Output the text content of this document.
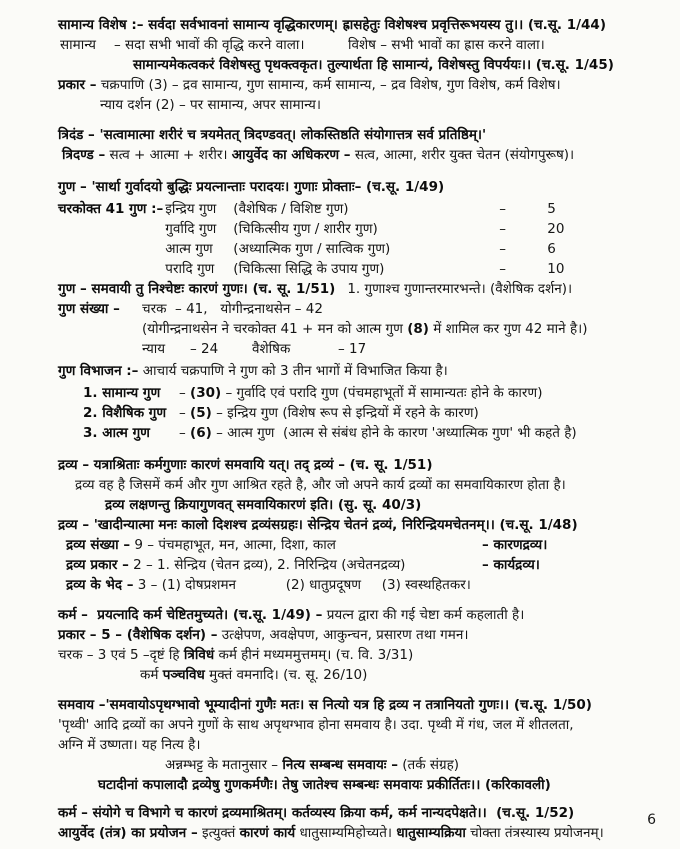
सामान्य विशेष :– सर्वदा सर्वभावनां सामान्य वृद्धिकारणम्। ह्रासहेतुः विशेषश्च प्रवृत्तिरूभयस्य तु।। (च.सू. 1/44)
सामान्य – सदा सभी भावों की वृद्धि करने वाला।	विशेष – सभी भावों का ह्रास करने वाला।
सामान्यमेकत्वकरं विशेषस्तु पृथक्त्वकृत। तुल्यार्थता हि सामान्यं, विशेषस्तु विपर्ययः।। (च.सू. 1/45)
प्रकार – चक्रपाणि (3) – द्रव सामान्य, गुण सामान्य, कर्म सामान्य, – द्रव विशेष, गुण विशेष, कर्म विशेष।
न्याय दर्शन (2) – पर सामान्य, अपर सामान्य।
त्रिदंड – 'सत्वामात्मा शरीरं च त्रयमेतत् त्रिदण्डवत्। लोकस्तिष्ठति संयोगात्तत्र सर्व प्रतिष्ठिम्।'
त्रिदण्ड – सत्व + आत्मा + शरीर। आयुर्वेद का अधिकरण – सत्व, आत्मा, शरीर युक्त चेतन (संयोगपुरूष)।
गुण – 'सार्था गुर्वादयो बुद्धिः प्रयत्नान्ताः परादयः। गुणाः प्रोक्ताः– (च.सू. 1/49)
चरकोक्त 41 गुण :– इन्द्रिय गुण	(वैशेषिक / विशिष्ट गुण)	–	5
गुर्वादि गुण	(चिकित्सीय गुण / शारीर गुण)	–	20
आत्म गुण	(अध्यात्मिक गुण / सात्विक गुण)	–	6
परादि गुण	(चिकित्सा सिद्धि के उपाय गुण)	–	10
गुण – समवायी तु निश्चेष्टः कारणं गुणः। (च. सू. 1/51) 1. गुणाश्च गुणान्तरमारभन्ते। (वैशेषिक दर्शन)।
गुण संख्या – चरक  – 41,   योगीन्द्रनाथसेन – 42
(योगीन्द्रनाथसेन ने चरकोक्त 41 + मन को आत्म गुण (8) में शामिल कर गुण 42 माने है।)
न्याय – 24	वैशेषिक	– 17
गुण विभाजन :– आचार्य चक्रपाणि ने गुण को 3 तीन भागों में विभाजित किया है।
1. सामान्य गुण – (30) – गुर्वादि एवं परादि गुण (पंचमहाभूतों में सामान्यतः होने के कारण)
2. विशैषिक गुण – (5) – इन्द्रिय गुण (विशेष रूप से इन्द्रियों में रहने के कारण)
3. आत्म गुण – (6) – आत्म गुण  (आत्म से संबंध होने के कारण 'अध्यात्मिक गुण' भी कहते है)
द्रव्य – यत्राश्रिताः कर्मगुणाः कारणं समवायि यत्। तद् द्रव्यं – (च. सू. 1/51)
द्रव्य वह है जिसमें कर्म और गुण आश्रित रहते है, और जो अपने कार्य द्रव्यों का समवायिकारण होता है।
द्रव्य लक्षणन्तु क्रियागुणवत् समवायिकारणं इति। (सु. सू. 40/3)
द्रव्य – 'खादीन्यात्मा मनः कालो दिशश्च द्रव्यंसग्रहः। सेन्द्रिय चेतनं द्रव्यं, निरिन्द्रियमचेतनम्।। (च.सू. 1/48)
द्रव्य संख्या – 9 – पंचमहाभूत, मन, आत्मा, दिशा, काल	– कारणद्रव्य।
द्रव्य प्रकार – 2 – 1. सेन्द्रिय (चेतन द्रव्य), 2. निरिन्द्रिय (अचेतनद्रव्य)	– कार्यद्रव्य।
द्रव्य के भेद – 3 – (1) दोषप्रशमन	(2) धातुप्रदूषण (3) स्वस्थहितकर।
कर्म –  प्रयत्नादि कर्म चेष्टितमुच्यते। (च.सू. 1/49) – प्रयत्न द्वारा की गई चेष्टा कर्म कहलाती है।
प्रकार – 5 – (वैशेषिक दर्शन) – उत्क्षेपण, अवक्षेपण, आकुन्चन, प्रसारण तथा गमन।
चरक – 3 एवं 5 –दृष्टं हि त्रिविधं कर्म हीनं मध्यममुत्तमम्। (च. वि. 3/31)
कर्म पञ्चविध मुक्तं वमनादि। (च. सू. 26/10)
समवाय –'समवायोऽपृथग्भावो भूम्यादीनां गुणैः मतः। स नित्यो यत्र हि द्रव्य न तत्रानियतो गुणः।। (च.सू. 1/50)
'पृथ्वी' आदि द्रव्यों का अपने गुणों के साथ अपृथग्भाव होना समवाय है। उदा. पृथ्वी में गंध, जल में शीतलता,
अग्नि में उष्णता। यह नित्य है।
अन्नम्भट्ट के मतानुसार – नित्य सम्बन्ध समवायः – (तर्क संग्रह)
घटादीनां कपालादौ द्रव्येषु गुणकर्मणैः। तेषु जातेश्च सम्बन्धः समवायः प्रकीर्तितः।। (करिकावली)
कर्म – संयोगे च विभागे च कारणं द्रव्यमाश्रितम्। कर्तव्यस्य क्रिया कर्म, कर्म नान्यदपेक्षते।।  (च.सू. 1/52)
आयुर्वेद (तंत्र) का प्रयोजन – इत्युक्तं कारणं कार्य धातुसाम्यमिहोच्यते। धातुसाम्यक्रिया चोक्ता तंत्रस्यास्य प्रयोजनम्।
6
